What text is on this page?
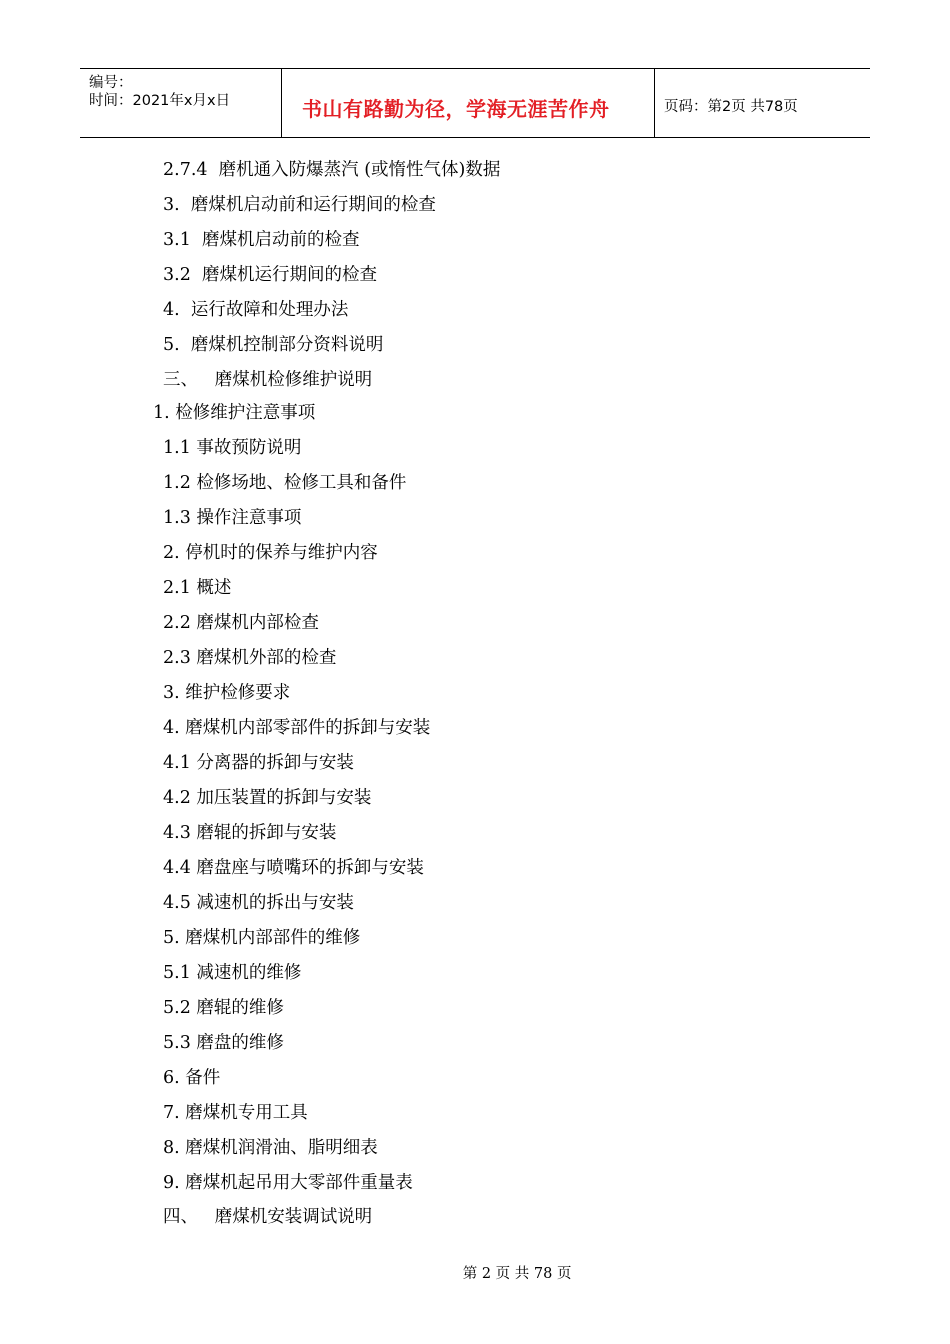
编号：
时间：2021年x月x日	书山有路勤为径，学海无涯苦作舟	页码：第2页 共78页
2.7.4  磨机通入防爆蒸汽 (或惰性气体)数据
3.  磨煤机启动前和运行期间的检查
3.1  磨煤机启动前的检查
3.2  磨煤机运行期间的检查
4.  运行故障和处理办法
5.  磨煤机控制部分资料说明
三、   磨煤机检修维护说明
1. 检修维护注意事项
1.1 事故预防说明
1.2 检修场地、检修工具和备件
1.3 操作注意事项
2. 停机时的保养与维护内容
2.1 概述
2.2 磨煤机内部检查
2.3 磨煤机外部的检查
3. 维护检修要求
4. 磨煤机内部零部件的拆卸与安装
4.1 分离器的拆卸与安装
4.2 加压装置的拆卸与安装
4.3 磨辊的拆卸与安装
4.4 磨盘座与喷嘴环的拆卸与安装
4.5 减速机的拆出与安装
5. 磨煤机内部部件的维修
5.1 减速机的维修
5.2 磨辊的维修
5.3 磨盘的维修
6. 备件
7. 磨煤机专用工具
8. 磨煤机润滑油、脂明细表
9. 磨煤机起吊用大零部件重量表
四、   磨煤机安装调试说明

第 2 页 共 78 页
